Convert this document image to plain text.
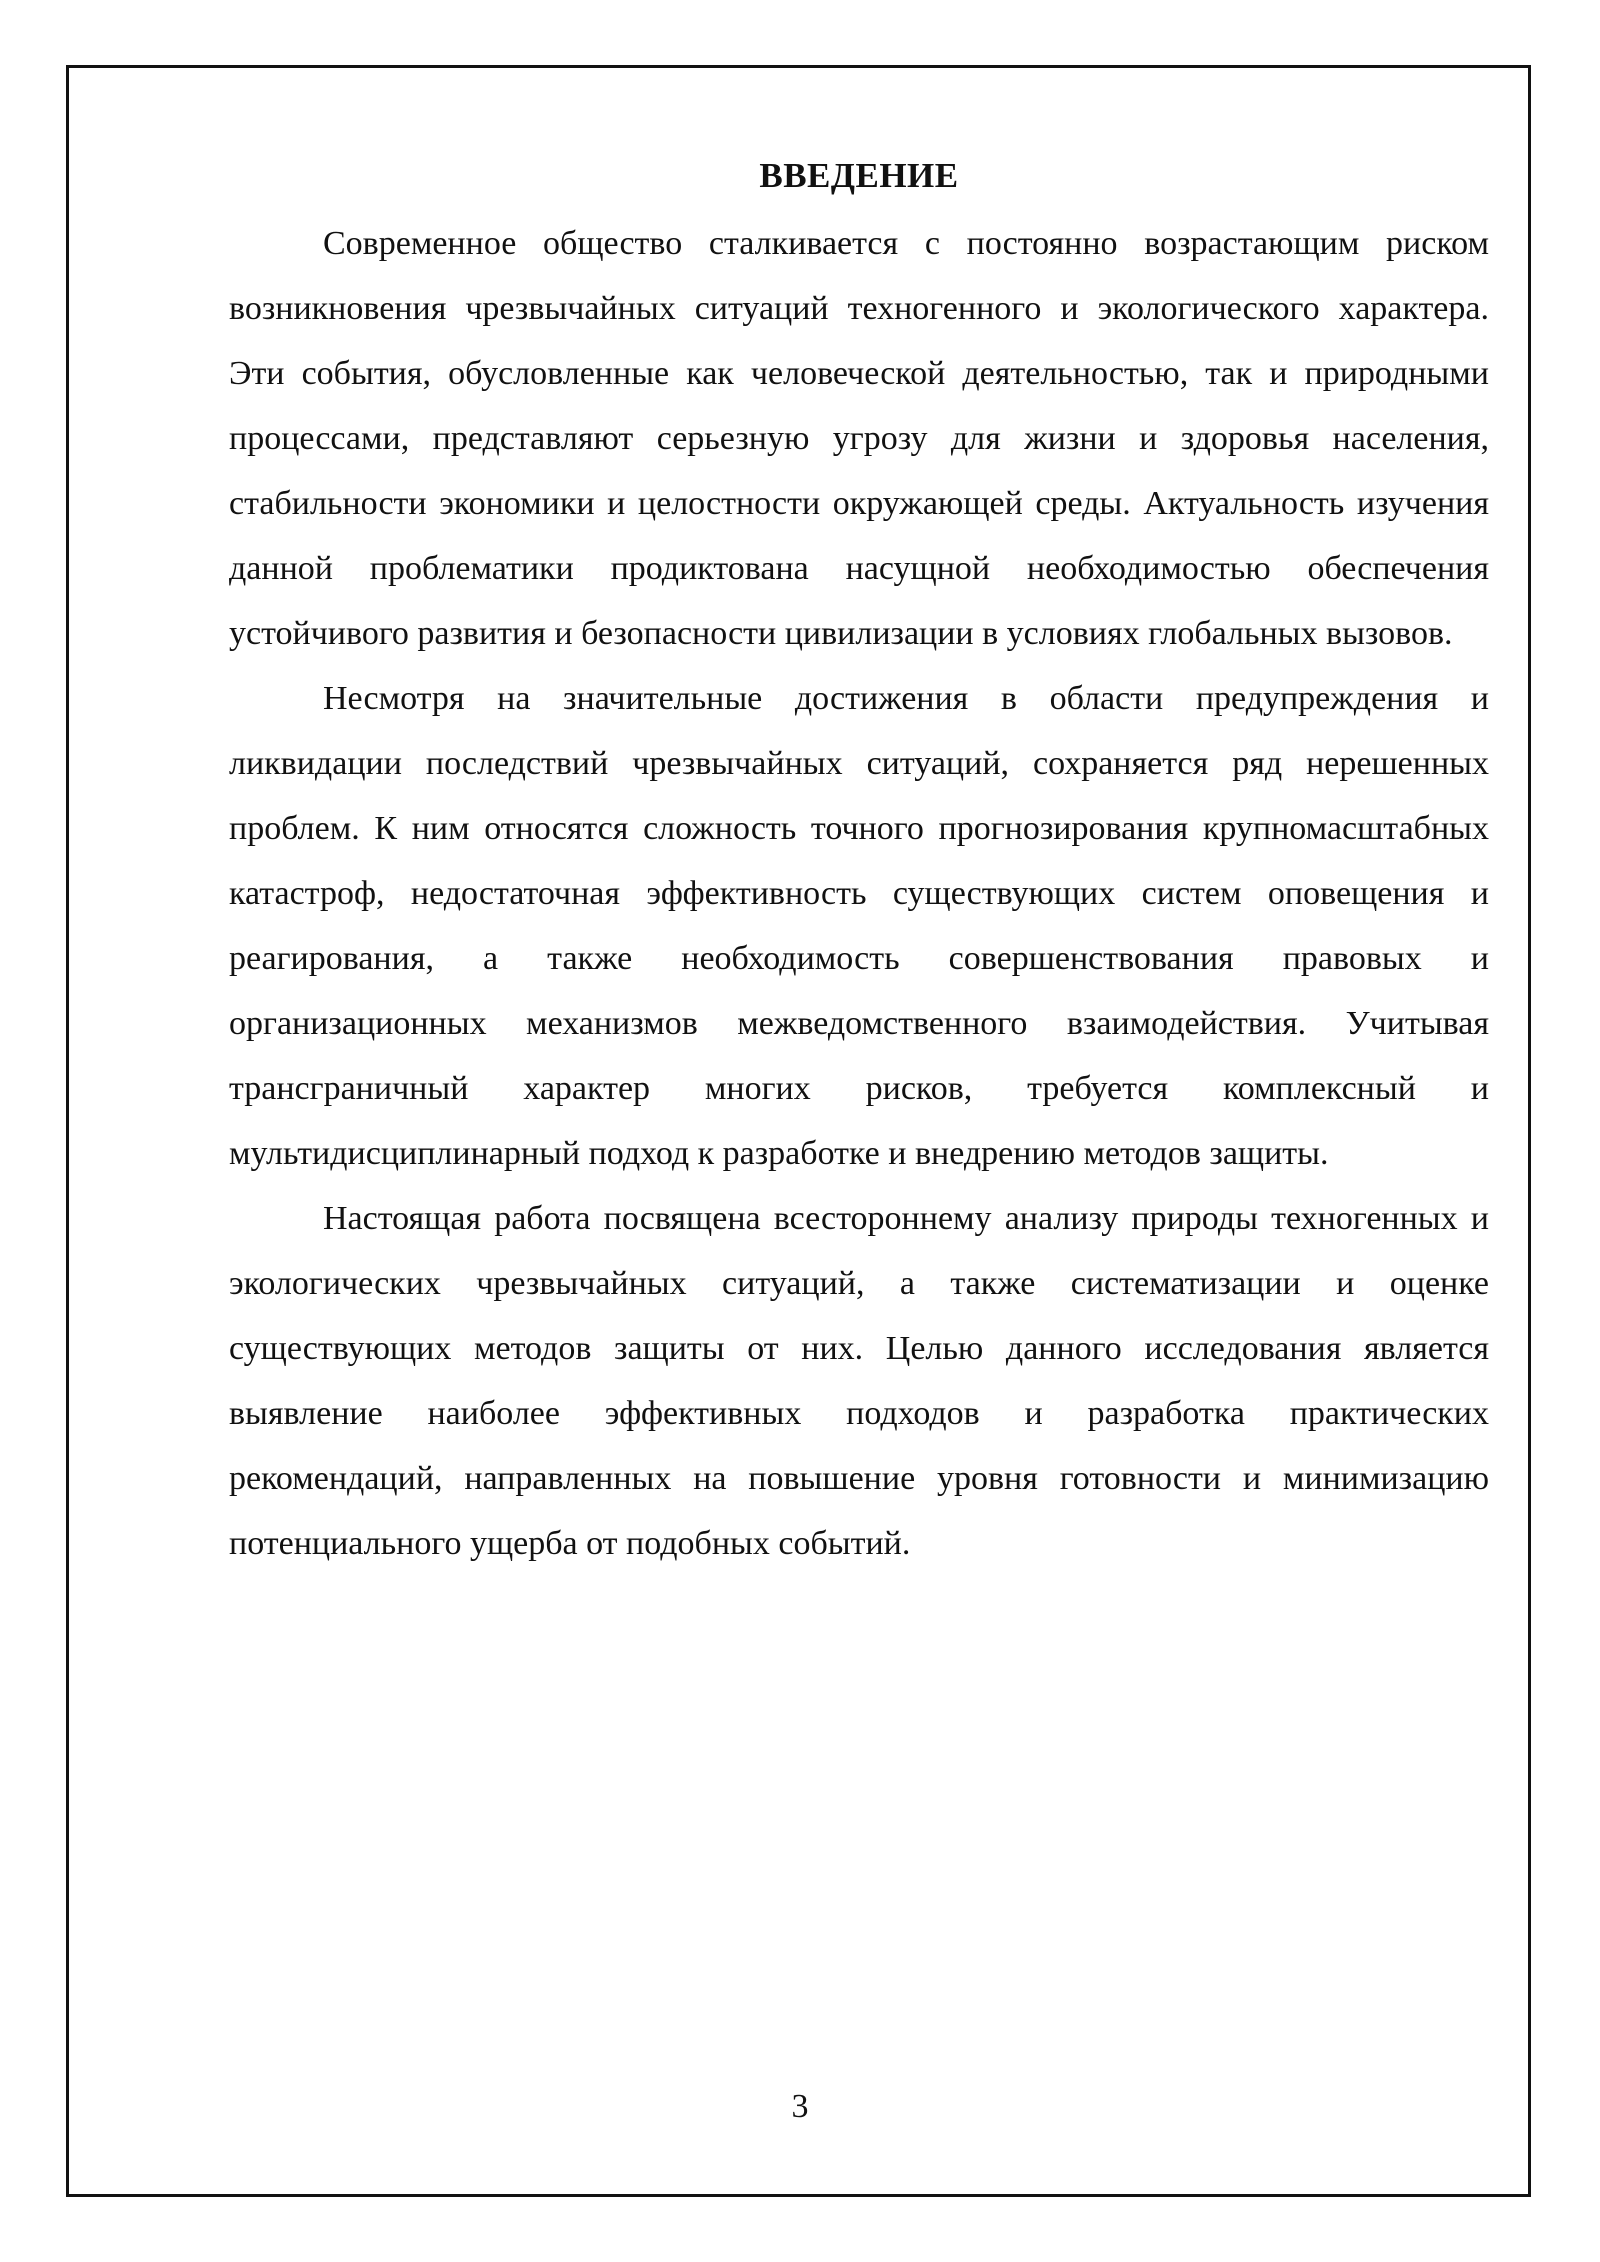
ВВЕДЕНИЕ

Современное общество сталкивается с постоянно возрастающим риском возникновения чрезвычайных ситуаций техногенного и экологического характера. Эти события, обусловленные как человеческой деятельностью, так и природными процессами, представляют серьезную угрозу для жизни и здоровья населения, стабильности экономики и целостности окружающей среды. Актуальность изучения данной проблематики продиктована насущной необходимостью обеспечения устойчивого развития и безопасности цивилизации в условиях глобальных вызовов.

Несмотря на значительные достижения в области предупреждения и ликвидации последствий чрезвычайных ситуаций, сохраняется ряд нерешенных проблем. К ним относятся сложность точного прогнозирования крупномасштабных катастроф, недостаточная эффективность существующих систем оповещения и реагирования, а также необходимость совершенствования правовых и организационных механизмов межведомственного взаимодействия. Учитывая трансграничный характер многих рисков, требуется комплексный и мультидисциплинарный подход к разработке и внедрению методов защиты.

Настоящая работа посвящена всестороннему анализу природы техногенных и экологических чрезвычайных ситуаций, а также систематизации и оценке существующих методов защиты от них. Целью данного исследования является выявление наиболее эффективных подходов и разработка практических рекомендаций, направленных на повышение уровня готовности и минимизацию потенциального ущерба от подобных событий.

3
